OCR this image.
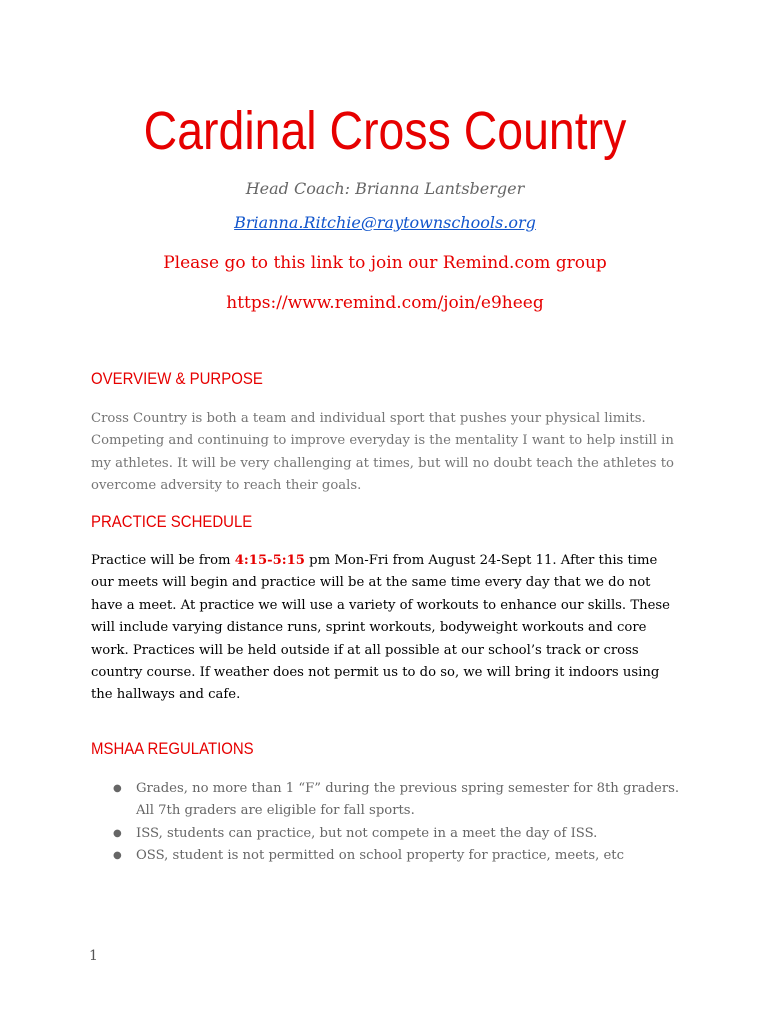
Cardinal Cross Country
Head Coach: Brianna Lantsberger
Brianna.Ritchie@raytownschools.org
Please go to this link to join our Remind.com group
https://www.remind.com/join/e9heeg
OVERVIEW & PURPOSE
Cross Country is both a team and individual sport that pushes your physical limits. Competing and continuing to improve everyday is the mentality I want to help instill in my athletes. It will be very challenging at times, but will no doubt teach the athletes to overcome adversity to reach their goals.
PRACTICE SCHEDULE
Practice will be from 4:15-5:15 pm Mon-Fri from August 24-Sept 11. After this time our meets will begin and practice will be at the same time every day that we do not have a meet. At practice we will use a variety of workouts to enhance our skills. These will include varying distance runs, sprint workouts, bodyweight workouts and core work. Practices will be held outside if at all possible at our school’s track or cross country course. If weather does not permit us to do so, we will bring it indoors using the hallways and cafe.
MSHAA REGULATIONS
● Grades, no more than 1 “F” during the previous spring semester for 8th graders. All 7th graders are eligible for fall sports.
● ISS, students can practice, but not compete in a meet the day of ISS.
● OSS, student is not permitted on school property for practice, meets, etc
1
